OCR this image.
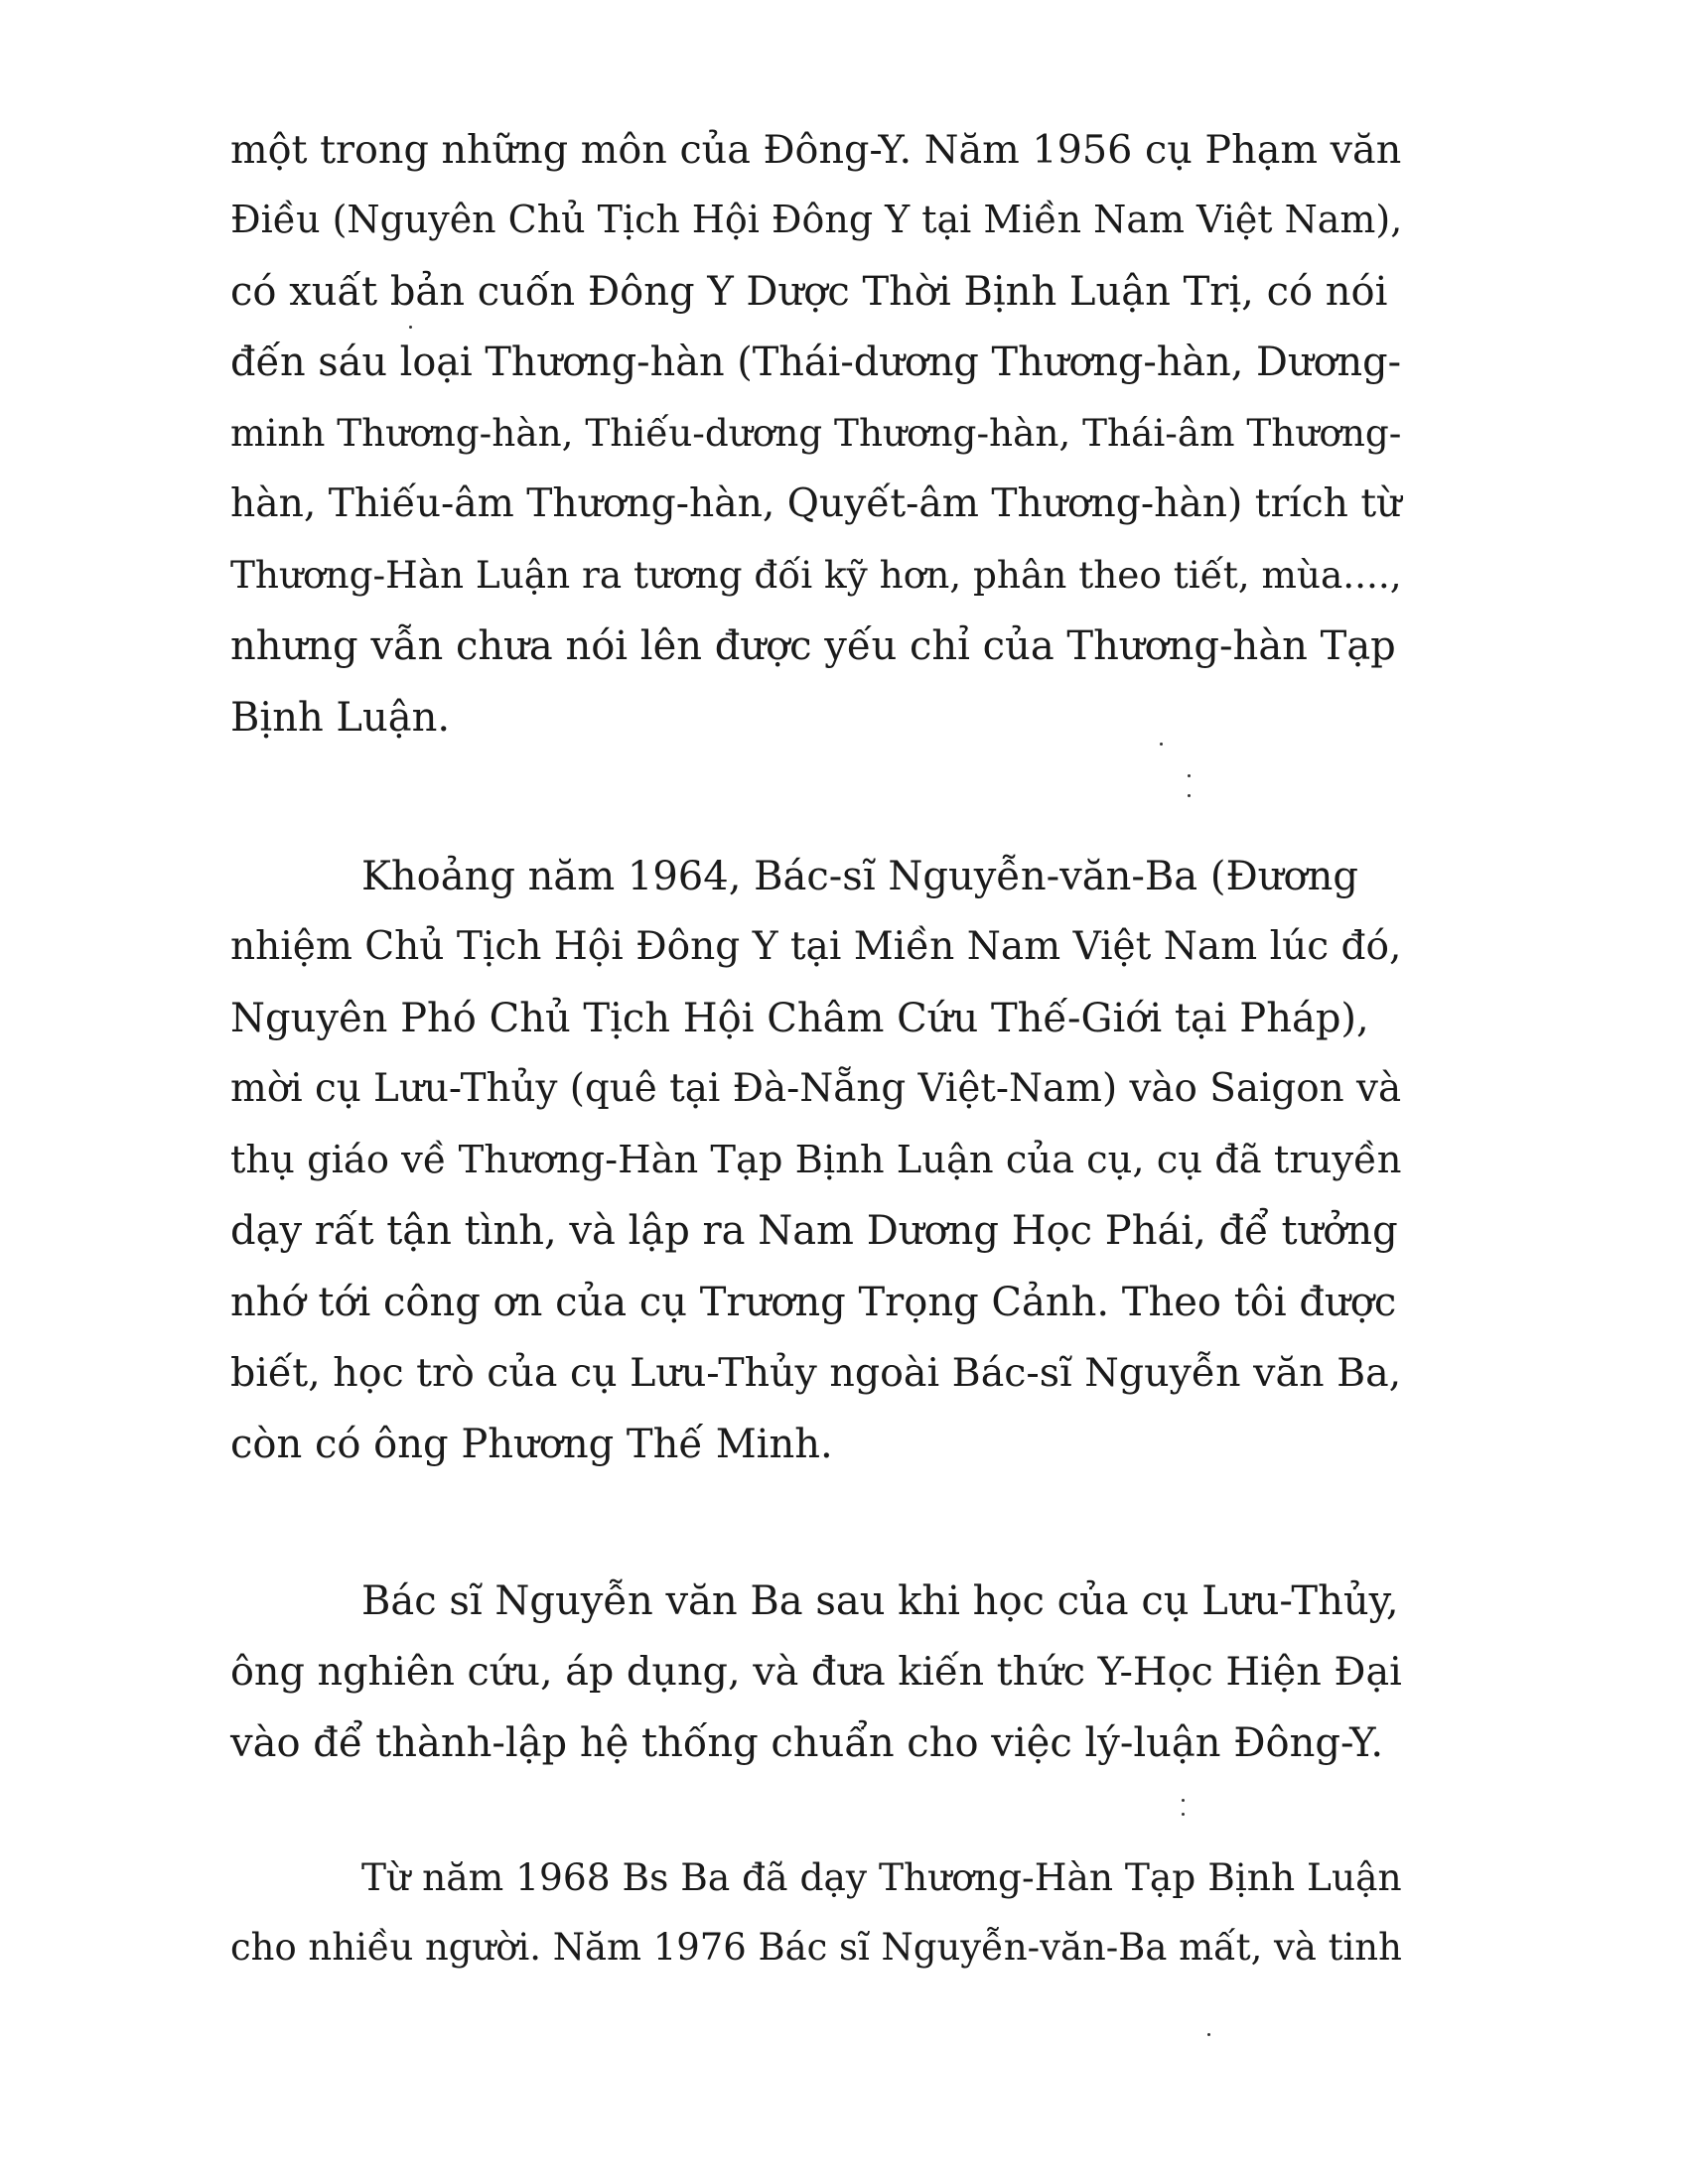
một trong những môn của Đông-Y. Năm 1956 cụ Phạm văn
Điều (Nguyên Chủ Tịch Hội Đông Y tại Miền Nam Việt Nam),
có xuất bản cuốn Đông Y Dược Thời Bịnh Luận Trị, có nói
đến sáu loại Thương-hàn (Thái-dương Thương-hàn, Dương-
minh Thương-hàn, Thiếu-dương Thương-hàn, Thái-âm Thương-
hàn, Thiếu-âm Thương-hàn, Quyết-âm Thương-hàn) trích từ
Thương-Hàn Luận ra tương đối kỹ hơn, phân theo tiết, mùa....,
nhưng vẫn chưa nói lên được yếu chỉ của Thương-hàn Tạp
Bịnh Luận.
Khoảng năm 1964, Bác-sĩ Nguyễn-văn-Ba (Đương
nhiệm Chủ Tịch Hội Đông Y tại Miền Nam Việt Nam lúc đó,
Nguyên Phó Chủ Tịch Hội Châm Cứu Thế-Giới tại Pháp),
mời cụ Lưu-Thủy (quê tại Đà-Nẵng Việt-Nam) vào Saigon và
thụ giáo về Thương-Hàn Tạp Bịnh Luận của cụ, cụ đã truyền
dạy rất tận tình, và lập ra Nam Dương Học Phái, để tưởng
nhớ tới công ơn của cụ Trương Trọng Cảnh. Theo tôi được
biết, học trò của cụ Lưu-Thủy ngoài Bác-sĩ Nguyễn văn Ba,
còn có ông Phương Thế Minh.
Bác sĩ Nguyễn văn Ba sau khi học của cụ Lưu-Thủy,
ông nghiên cứu, áp dụng, và đưa kiến thức Y-Học Hiện Đại
vào để thành-lập hệ thống chuẩn cho việc lý-luận Đông-Y.
Từ năm 1968 Bs Ba đã dạy Thương-Hàn Tạp Bịnh Luận
cho nhiều người. Năm 1976 Bác sĩ Nguyễn-văn-Ba mất, và tinh
